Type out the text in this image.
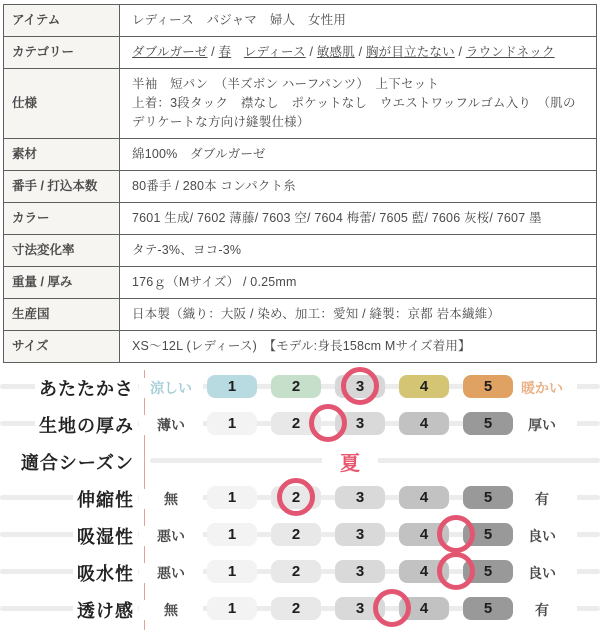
アイテム	レディース　パジャマ　婦人　女性用
カテゴリー	ダブルガーゼ / 春　 レディース / 敏感肌 / 胸が目立たない / ラウンドネック
仕様	半袖　短パン　（半ズボン ハーフパンツ）　上下セット
上着：3段タック　襟なし　ポケットなし　ウエストワッフルゴム入り　（肌のデリケートな方向け縫製仕様）
素材	綿100%　ダブルガーゼ
番手 / 打込本数	80番手 / 280本 コンパクト糸
カラー	7601 生成/ 7602 薄藤/ 7603 空/ 7604 梅蕾/ 7605 藍/ 7606 灰桜/ 7607 墨
寸法変化率	タテ-3%、ヨコ-3%
重量 / 厚み	176ｇ（Mサイズ） / 0.25mm
生産国	日本製（織り：大阪 / 染め、加工：愛知 / 縫製：京都 岩本繊維）
サイズ	XS～12L (レディース)　【モデル:身長158cm Mサイズ着用】
あたたかさ	涼しい	1	2	3	4	5	暖かい
生地の厚み	薄い	1	2	3	4	5	厚い
適合シーズン	夏
伸縮性	無	1	2	3	4	5	有
吸湿性	悪い	1	2	3	4	5	良い
吸水性	悪い	1	2	3	4	5	良い
透け感	無	1	2	3	4	5	有
